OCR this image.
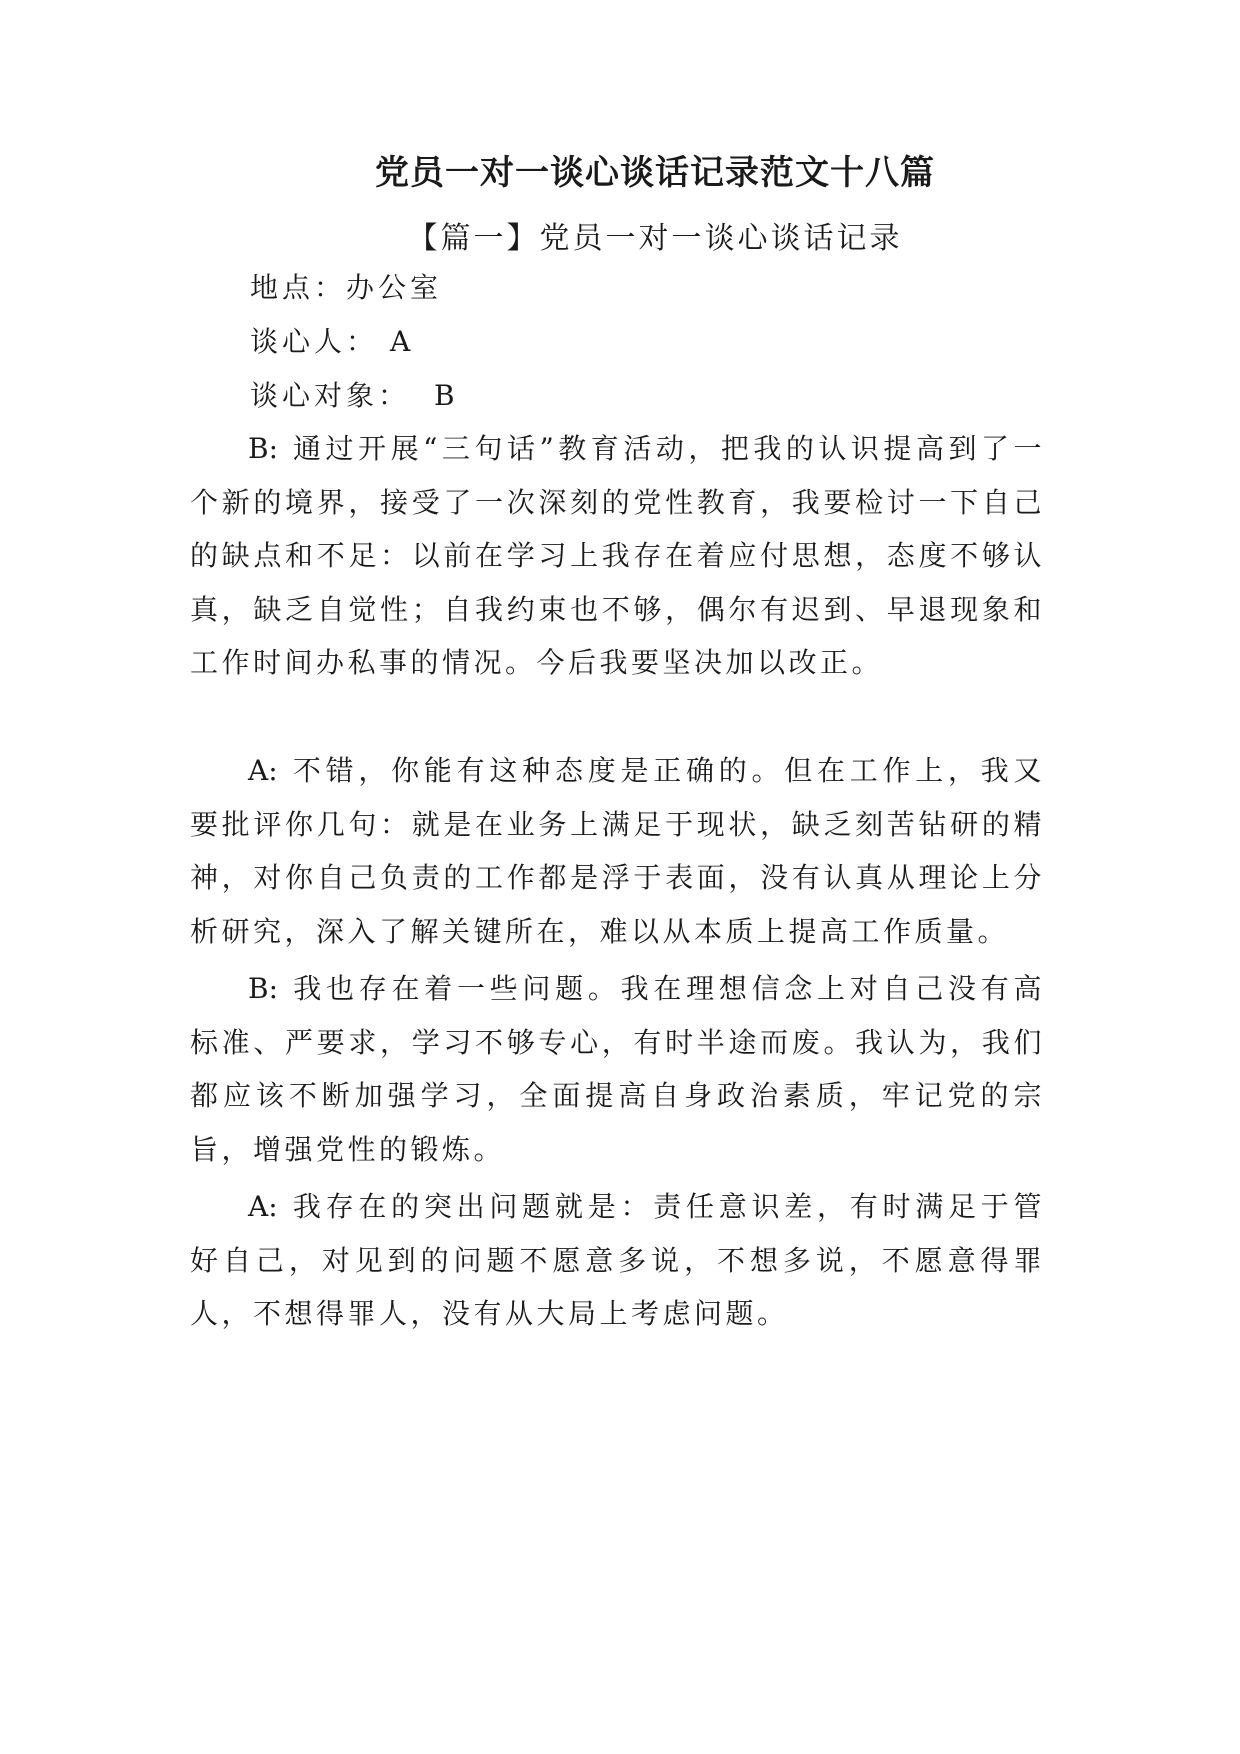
党员一对一谈心谈话记录范文十八篇
【篇一】党员一对一谈心谈话记录
地点：办公室
谈心人： A
谈心对象： B

B: 通过开展“三句话”教育活动，把我的认识提高到了一个新的境界，接受了一次深刻的党性教育，我要检讨一下自己的缺点和不足：以前在学习上我存在着应付思想，态度不够认真，缺乏自觉性；自我约束也不够，偶尔有迟到、早退现象和工作时间办私事的情况。今后我要坚决加以改正。

A: 不错，你能有这种态度是正确的。但在工作上，我又要批评你几句：就是在业务上满足于现状，缺乏刻苦钻研的精神，对你自己负责的工作都是浮于表面，没有认真从理论上分析研究，深入了解关键所在，难以从本质上提高工作质量。

B: 我也存在着一些问题。我在理想信念上对自己没有高标准、严要求，学习不够专心，有时半途而废。我认为，我们都应该不断加强学习，全面提高自身政治素质，牢记党的宗旨，增强党性的锻炼。

A: 我存在的突出问题就是：责任意识差，有时满足于管好自己，对见到的问题不愿意多说，不想多说，不愿意得罪人，不想得罪人，没有从大局上考虑问题。
